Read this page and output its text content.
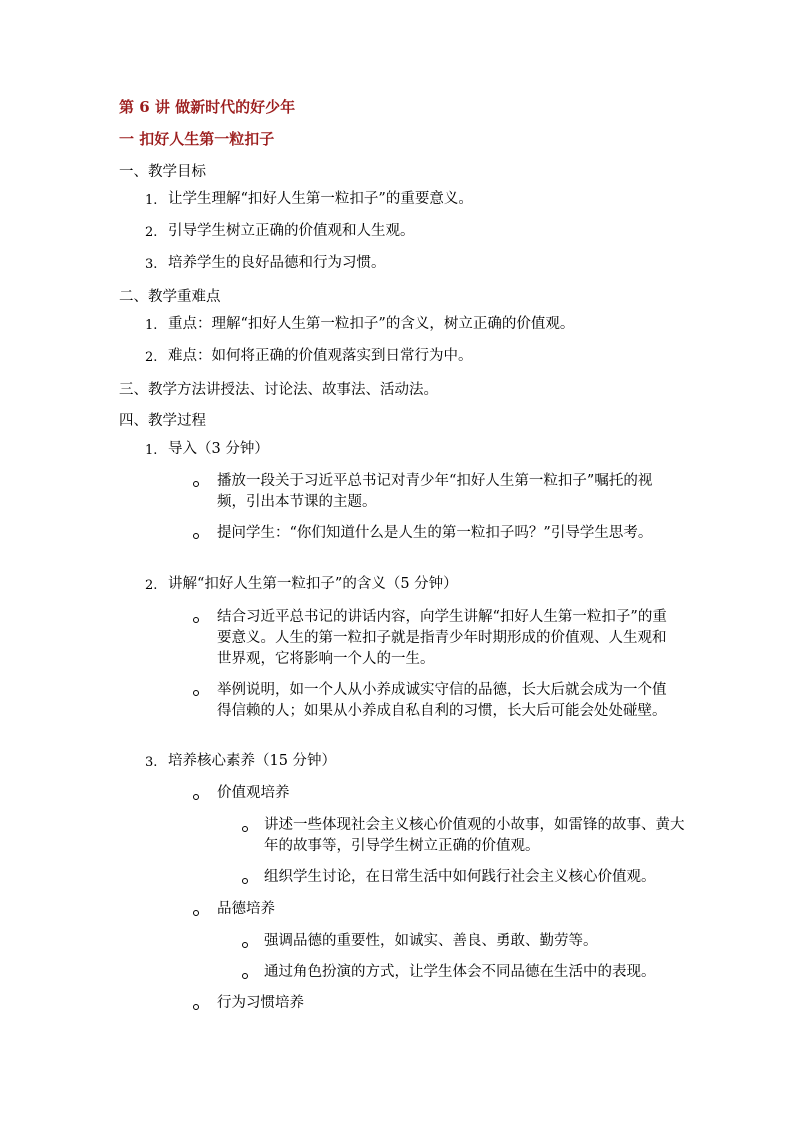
第 6 讲 做新时代的好少年
一 扣好人生第一粒扣子
一、教学目标
1. 让学生理解“扣好人生第一粒扣子”的重要意义。
2. 引导学生树立正确的价值观和人生观。
3. 培养学生的良好品德和行为习惯。
二、教学重难点
1. 重点：理解“扣好人生第一粒扣子”的含义，树立正确的价值观。
2. 难点：如何将正确的价值观落实到日常行为中。
三、教学方法讲授法、讨论法、故事法、活动法。
四、教学过程
1. 导入（3 分钟）
播放一段关于习近平总书记对青少年“扣好人生第一粒扣子”嘱托的视频，引出本节课的主题。
提问学生：“你们知道什么是人生的第一粒扣子吗？”引导学生思考。
2. 讲解“扣好人生第一粒扣子”的含义（5 分钟）
结合习近平总书记的讲话内容，向学生讲解“扣好人生第一粒扣子”的重要意义。人生的第一粒扣子就是指青少年时期形成的价值观、人生观和世界观，它将影响一个人的一生。
举例说明，如一个人从小养成诚实守信的品德，长大后就会成为一个值得信赖的人；如果从小养成自私自利的习惯，长大后可能会处处碰壁。
3. 培养核心素养（15 分钟）
价值观培养
讲述一些体现社会主义核心价值观的小故事，如雷锋的故事、黄大年的故事等，引导学生树立正确的价值观。
组织学生讨论，在日常生活中如何践行社会主义核心价值观。
品德培养
强调品德的重要性，如诚实、善良、勇敢、勤劳等。
通过角色扮演的方式，让学生体会不同品德在生活中的表现。
行为习惯培养
